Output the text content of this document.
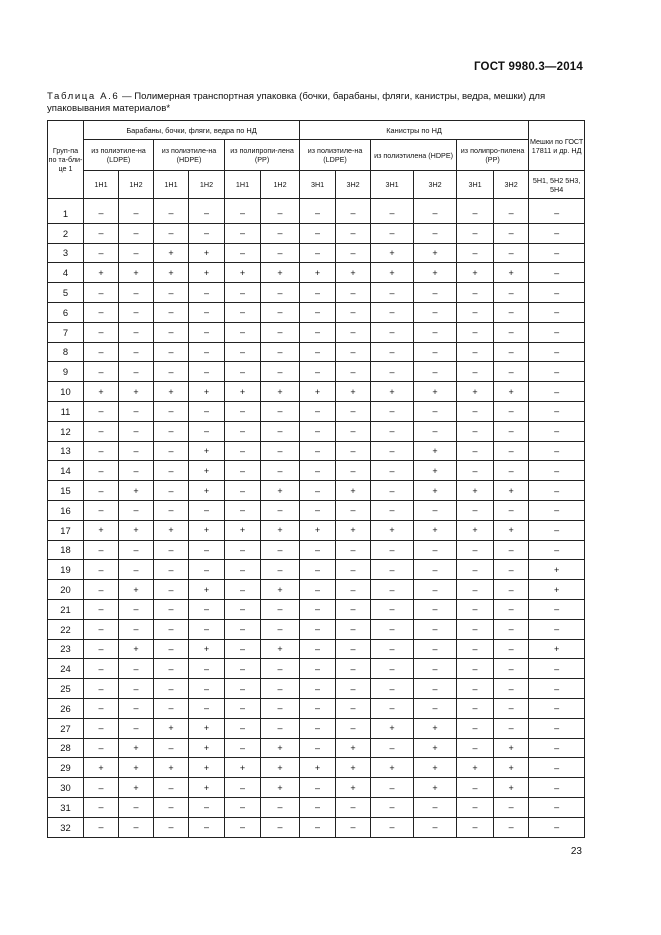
ГОСТ 9980.3—2014
Таблица А.6 — Полимерная транспортная упаковка (бочки, барабаны, фляги, канистры, ведра, мешки) для упаковывания материалов*
Груп-па по та-бли-це 1	Барабаны, бочки, фляги, ведра по НД						Канистры по НД						Мешки по ГОСТ 17811 и др. НД
	из полиэтиле-на (LDPE)		из полиэтиле-на (HDPE)		из полипропи-лена (PP)		из полиэтиле-на (LDPE)		из полиэтилена (HDPE)		из полипро-пилена (PP)		
	1Н1	1Н2	1Н1	1Н2	1Н1	1Н2	3Н1	3Н2	3Н1	3Н2	3Н1	3Н2	5Н1, 5Н2 5Н3, 5Н4
1	–	–	–	–	–	–	–	–	–	–	–	–	–
2	–	–	–	–	–	–	–	–	–	–	–	–	–
3	–	–	+	+	–	–	–	–	+	+	–	–	–
4	+	+	+	+	+	+	+	+	+	+	+	+	–
5	–	–	–	–	–	–	–	–	–	–	–	–	–
6	–	–	–	–	–	–	–	–	–	–	–	–	–
7	–	–	–	–	–	–	–	–	–	–	–	–	–
8	–	–	–	–	–	–	–	–	–	–	–	–	–
9	–	–	–	–	–	–	–	–	–	–	–	–	–
10	+	+	+	+	+	+	+	+	+	+	+	+	–
11	–	–	–	–	–	–	–	–	–	–	–	–	–
12	–	–	–	–	–	–	–	–	–	–	–	–	–
13	–	–	–	+	–	–	–	–	–	+	–	–	–
14	–	–	–	+	–	–	–	–	–	+	–	–	–
15	–	+	–	+	–	+	–	+	–	+	+	+	–
16	–	–	–	–	–	–	–	–	–	–	–	–	–
17	+	+	+	+	+	+	+	+	+	+	+	+	–
18	–	–	–	–	–	–	–	–	–	–	–	–	–
19	–	–	–	–	–	–	–	–	–	–	–	–	+
20	–	+	–	+	–	+	–	–	–	–	–	–	+
21	–	–	–	–	–	–	–	–	–	–	–	–	–
22	–	–	–	–	–	–	–	–	–	–	–	–	–
23	–	+	–	+	–	+	–	–	–	–	–	–	+
24	–	–	–	–	–	–	–	–	–	–	–	–	–
25	–	–	–	–	–	–	–	–	–	–	–	–	–
26	–	–	–	–	–	–	–	–	–	–	–	–	–
27	–	–	+	+	–	–	–	–	+	+	–	–	–
28	–	+	–	+	–	+	–	+	–	+	–	+	–
29	+	+	+	+	+	+	+	+	+	+	+	+	–
30	–	+	–	+	–	+	–	+	–	+	–	+	–
31	–	–	–	–	–	–	–	–	–	–	–	–	–
32	–	–	–	–	–	–	–	–	–	–	–	–	–
23
